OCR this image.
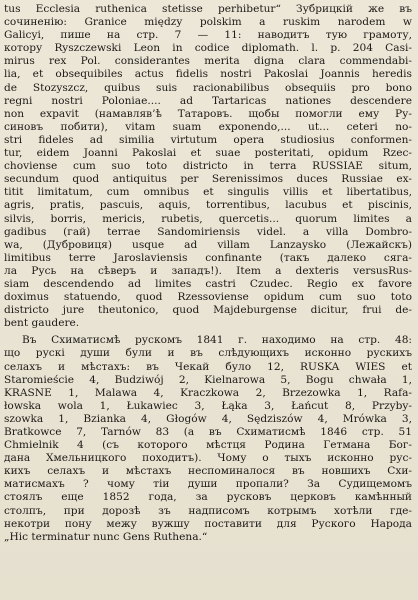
tus Ecclesia ruthenica stetisse perhibetur“ Зубрицкій же въ
сочиненію: Granice między polskim a ruskim narodem w
Galicyi, пише на стр. 7 — 11: наводитъ тую грамоту,
котору Ryszczewski Leon in codice diplomath. l. р. 204 Casi-
mirus rex Pol. considerantes merita digna clara commendabi-
lia, et obsequibiles actus fidelis nostri Pakoslai Joannis heredis
de Stozyszcz, quibus suis racionabilibus obsequiis pro bono
regni nostri Poloniae.... ad Tartaricas nationes descendere
non expavit (намавляв’ѣ Татаровъ. щобы помогли ему Ру-
синовъ побити), vitam suam exponendo,... ut... ceteri no-
stri fideles ad similia virtutum opera studiosius conformen-
tur, eidem Joanni Pakoslai et suae posteritati, opidum Rzeс-
choviense cum suo toto districto in terra RUSSIAE situm,
secundum quod antiquitus per Serenissimos duces Russiae ex-
titit limitatum, cum omnibus et singulis villis et libertatibus,
agris, pratis, pascuis, aquis, torrentibus, lacubus et piscinis,
silvis, borris, mericis, rubetis, quercetis... quorum limites a
gadibus (гай) terrae Sandomiriensis videl. a villa Dombro-
wa, (Дубровиця) usque ad villam Lanzaysko (Лежайскъ)
limitibus terre Jaroslaviensis confinante (такъ далеко сяга-
ла Русь на сѣверъ и западъ!). Item a dexteris versusRus-
siam descendendo ad limites castri Czudec. Regio ex favore
doximus statuendo, quod Rzessoviense opidum cum suo toto
districto jure theutonico, quod Majdeburgense dicitur, frui de-
bent gaudere.
Въ Схиматисмѣ рускомъ 1841 г. находимо на стр. 48:
що рускі души були и въ слѣдующихъ исконно рускихъ
селахъ и мѣстахъ: въ Чекай було 12, RUSKA WIES et
Staromieście 4, Budziwój 2, Kielnarowa 5, Bogu chwała 1,
KRASNE 1, Malawa 4, Kraczkowa 2, Brzezowka 1, Rafa-
łowska wola 1, Łukawiec 3, Łąka 3, Łańcut 8, Przyby-
szowka 1, Bzianka 4, Głogów 4, Sędziszów 4, Mrówka 3,
Bratkowce 7, Tarnów 83 (а въ Схиматисмѣ 1846 стр. 51
Chmielnik 4 (съ которого мѣстця Родина Гетмана Бог-
дана Хмельницкого походитъ). Чому о тыхъ исконно рус-
кихъ селахъ и мѣстахъ неспоминалося въ новшихъ Схи-
матисмахъ ? чому тіи души пропали? За Судищемомъ
стоялъ еще 1852 года, за русковъ церковъ камѣнный
столпъ, при дорозѣ зъ надписомъ котрымъ хотѣли где-
некотри пону межу вужшу поставити для Руского Народа
„Hic terminatur nunc Gens Ruthena.“
